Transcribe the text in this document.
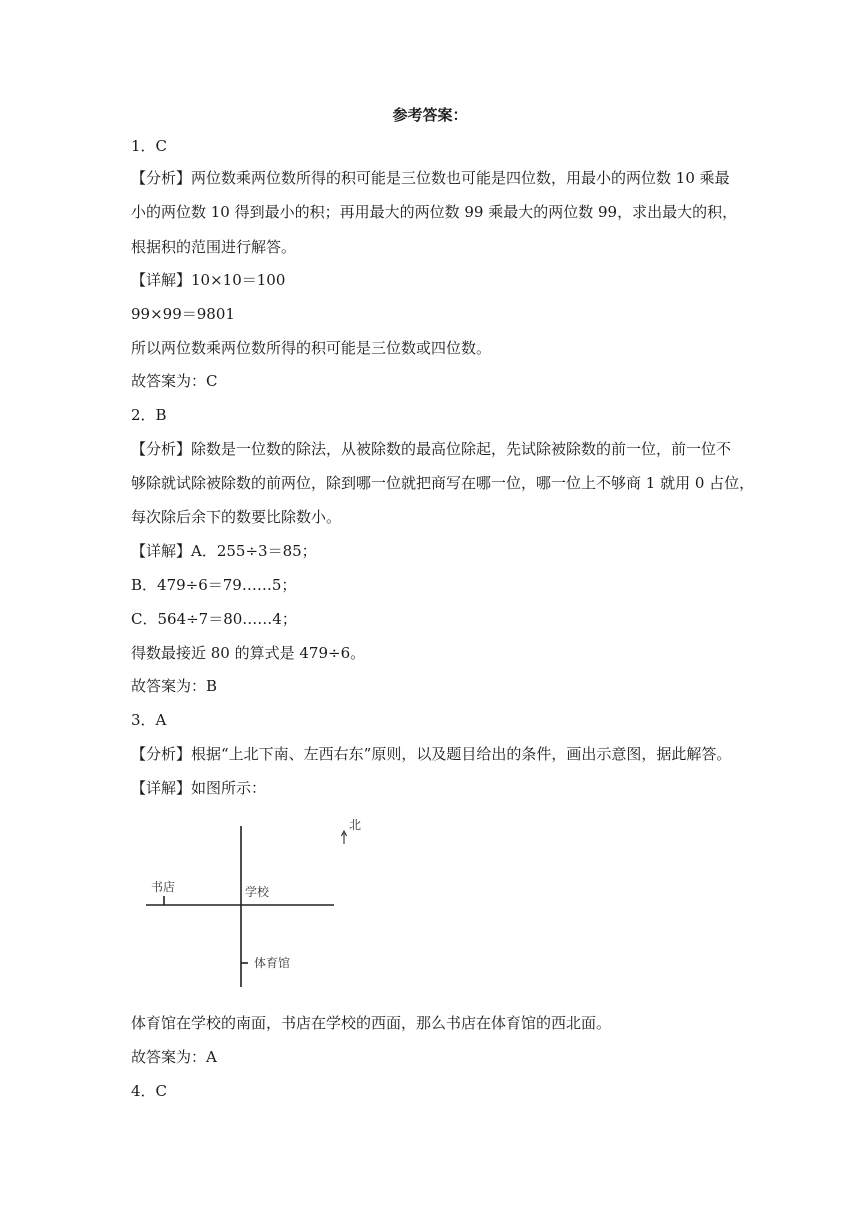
参考答案：

1．C

【分析】两位数乘两位数所得的积可能是三位数也可能是四位数，用最小的两位数 10 乘最

小的两位数 10 得到最小的积；再用最大的两位数 99 乘最大的两位数 99，求出最大的积，

根据积的范围进行解答。

【详解】10×10＝100

99×99＝9801

所以两位数乘两位数所得的积可能是三位数或四位数。

故答案为：C

2．B

【分析】除数是一位数的除法，从被除数的最高位除起，先试除被除数的前一位，前一位不

够除就试除被除数的前两位，除到哪一位就把商写在哪一位，哪一位上不够商 1 就用 0 占位，

每次除后余下的数要比除数小。

【详解】A．255÷3＝85；

B．479÷6＝79……5；

C．564÷7＝80……4；

得数最接近 80 的算式是 479÷6。

故答案为：B

3．A

【分析】根据“上北下南、左西右东”原则，以及题目给出的条件，画出示意图，据此解答。

【详解】如图所示：

北
书店	学校
体育馆

体育馆在学校的南面，书店在学校的西面，那么书店在体育馆的西北面。

故答案为：A

4．C
